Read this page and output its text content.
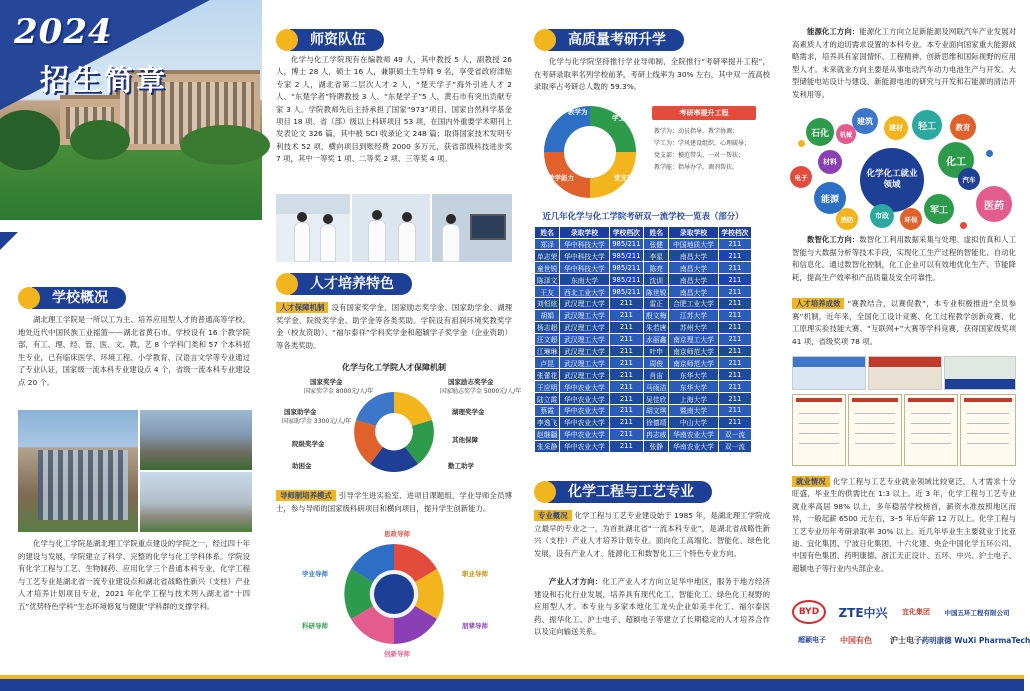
2024
招生简章
学校概况
湖北理工学院是一所以工为主、培养应用型人才的普通高等学校，地处近代中国民族工业摇篮——湖北省黄石市。学校设有 16 个教学院部，有工、理、经、管、医、文、教、艺 8 个学科门类和 57 个本科招生专业，已有临床医学、环境工程、小学教育、汉语言文学等专业通过了专业认证，国家级一流本科专业建设点 4 个，省级一流本科专业建设点 20 个。
化学与化工学院是湖北理工学院重点建设的学院之一，经过四十年的建设与发展，学院建立了科学、完整的化学与化工学科体系。学院设有化学工程与工艺、生物制药、应用化学三个普通本科专业，化学工程与工艺专业是湖北省一流专业建设点和湖北省战略性新兴（支柱）产业人才培养计划项目专业，2021 年化学工程与技术列入湖北省“十四五”优势特色学科“生态环境修复与健康”学科群的支撑学科。
师资队伍
化学与化工学院现有在编教师 49 人，其中教授 5 人，副教授 26 人，博士 28 人，硕士 16 人，兼职硕士生导师 9 名，享受省政府津贴专家 2 人，湖北省第二层次人才 2 人，“楚天学子”海外引进人才 2 人、“东楚学者”特聘教授 3 人、“东楚学子”5 人，黄石市有突出贡献专家 3 人。学院教师先后主持承担了国家“973”项目、国家自然科学基金项目 18 项、省（部）级以上科研项目 53 项，在国内外重要学术期刊上发表论文 326 篇，其中被 SCI 收录论文 248 篇；取得国家技术发明专利技术 52 项，横向项目到账经费 2000 多万元，获省部级科技进步奖 7 项，其中一等奖 1 项、二等奖 2 项、三等奖 4 项。
人才培养特色
人才保障机制 设有国家奖学金、国家励志奖学金、国家助学金、湖理奖学金、院级奖学金、助学金等各类奖助。学院设有祖润环境奖教奖学金（校友资助）、“福尔泰祥”学科奖学金和超颖学子奖学金（企业资助）等各类奖助。
化学与化工学院人才保障机制
国家奖学金
国家奖学金 8000元/人/年
国家励志奖学金
国家励志奖学金 5000元/人/年
国家助学金
国家助学金 3300元/人/年
湖理奖学金
其他保障
院级奖学金
助困金	勤工助学
导师制培养模式 引导学生进实验室、进项目课题组，学业导师全员博士，参与导师的国家级科研项目和横向项目，提升学生创新能力。
思政导师
学业导师	职业导师
科研导师	朋辈导师
创新导师
高质量考研升学
化学与化学院坚持推行学业导师制，全院推行“考研率提升工程”，在考研录取率名列学校前茅，考研上线率为 30% 左右，其中双一流高校录取率占考研总人数的 59.3%。
教学为
学工为
党支部
教学能力
考研率提升工程
教学为：动员指导，教学协调；
学工为：学风建设组织，心理疏导；
党支部：模范带头，一对一帮扶；
教学能：指导办学，调剂帮扶。
近几年化学与化工学院考研双一流学校一览表（部分）
姓名	录取学校	学校档次	姓名	录取学校	学校档次
郑泽	华中科技大学	985/211	张健	中国地质大学	211
单志荣	华中科技大学	985/211	李星	南昌大学	211
童世锐	华中科技大学	985/211	陈亮	南昌大学	211
陈泽文	东南大学	985/211	沈训	南昌大学	211
王友	西北工业大学	985/211	陈世锐	南昌大学	211
刘恒炫	武汉理工大学	211	雷正	合肥工业大学	211
胡娟	武汉理工大学	211	殷文梅	江苏大学	211
杨志超	武汉理工大学	211	朱若唐	苏州大学	211
汪文超	武汉理工大学	211	水丽鑫	南京理工大学	211
江琳琳	武汉理工大学	211	叶申	南京师范大学	211
卢昆	武汉理工大学	211	周俊	南京师范大学	211
张蕾花	武汉理工大学	211	肖宙	东华大学	211
王应明	华中农业大学	211	马雨洁	东华大学	211
陆立霞	华中农业大学	211	吴佳欣	上海大学	211
蔡霞	华中农业大学	211	胡文琪	暨南大学	211
李逸飞	华中农业大学	211	徐德靖	中山大学	211
赵继疆	华中农业大学	211	冉志威	华南农业大学	双一流
张采静	华中农业大学	211	张静	华南农业大学	双一流
化学工程与工艺专业
专业概况 化学工程与工艺专业建设始于 1985 年，是湖北理工学院成立最早的专业之一，为首批湖北省“一流本科专业”，是湖北省战略性新兴（支柱）产业人才培养计划专业。面向化工高端化、智能化、绿色化发展，设有产业人才、能源化工和数智化工三个特色专业方向。
产业人才方向：化工产业人才方向立足华中地区，服务于地方经济建设和石化行业发展，培养具有现代化工、智能化工、绿色化工视野的应用型人才。本专业与多家本地化工龙头企业如美丰化工、福尔泰医药、振华化工、沪士电子、超颖电子等建立了长期稳定的人才培养合作以及定向输送关系。
能源化工方向：能源化工方向立足新能源及网联汽车产业发展对高素质人才的迫切需求设置的本科专业。本专业面向国家重大能源战略需求，培养具有家国情怀、工程精神、创新思维和国际视野的应用型人才。未来就业方向主要是从事电动汽车动力电池生产与开发、大型储能电站设计与建设、新能源电池的研究与开发和石能源的清洁开发利用等。
化学化工就业领域
石化	机械
建筑
建材	轻工	教育
材料	化工
电子
能源
汽车
医药
消防	市政	环保
军工
数智化工方向：数智化工利用数据采集与处理、虚拟仿真和人工智能与大数据分析等技术手段，实现化工生产过程的智能化、自动化和信息化。通过数智化控制，化工企业可以有效地优化生产、节能降耗，提高生产效率和产品质量及安全可靠性。
人才培养成效 “赛教结合，以赛促教”，本专业积极推进“全员参赛”机制，近年来，全国化工设计竞赛、化工过程教学创新竞赛、化工原理实验技能大赛、“互联网+”大赛等学科竞赛，获得国家级奖项 41 项，省级奖项 78 项。
就业情况 化学工程与工艺专业就业领域比较宽泛，人才需求十分旺盛，毕业生的供需比在 1:3 以上。近 3 年，化学工程与工艺专业就业率高居 98% 以上，多年稳居学校榜首，薪资水准按照地区而异，一般起薪 6500 元左右，3–5 年后年薪 12 万以上。化学工程与工艺专业历年考研录取率 30% 以上。近几年毕业生主要就业于比亚迪、宜化集团、宁波日化集团、十六化建、央企中国化学五环公司、中国有色集团、药明康德、浙江天正设计、五环、中兴、沪士电子、超颖电子等行业内头部企业。
BYD	ZTE中兴	宜化集团	中国五环工程有限公司
超颖电子	中国有色	沪士电子 药明康德 WuXi PharmaTech
